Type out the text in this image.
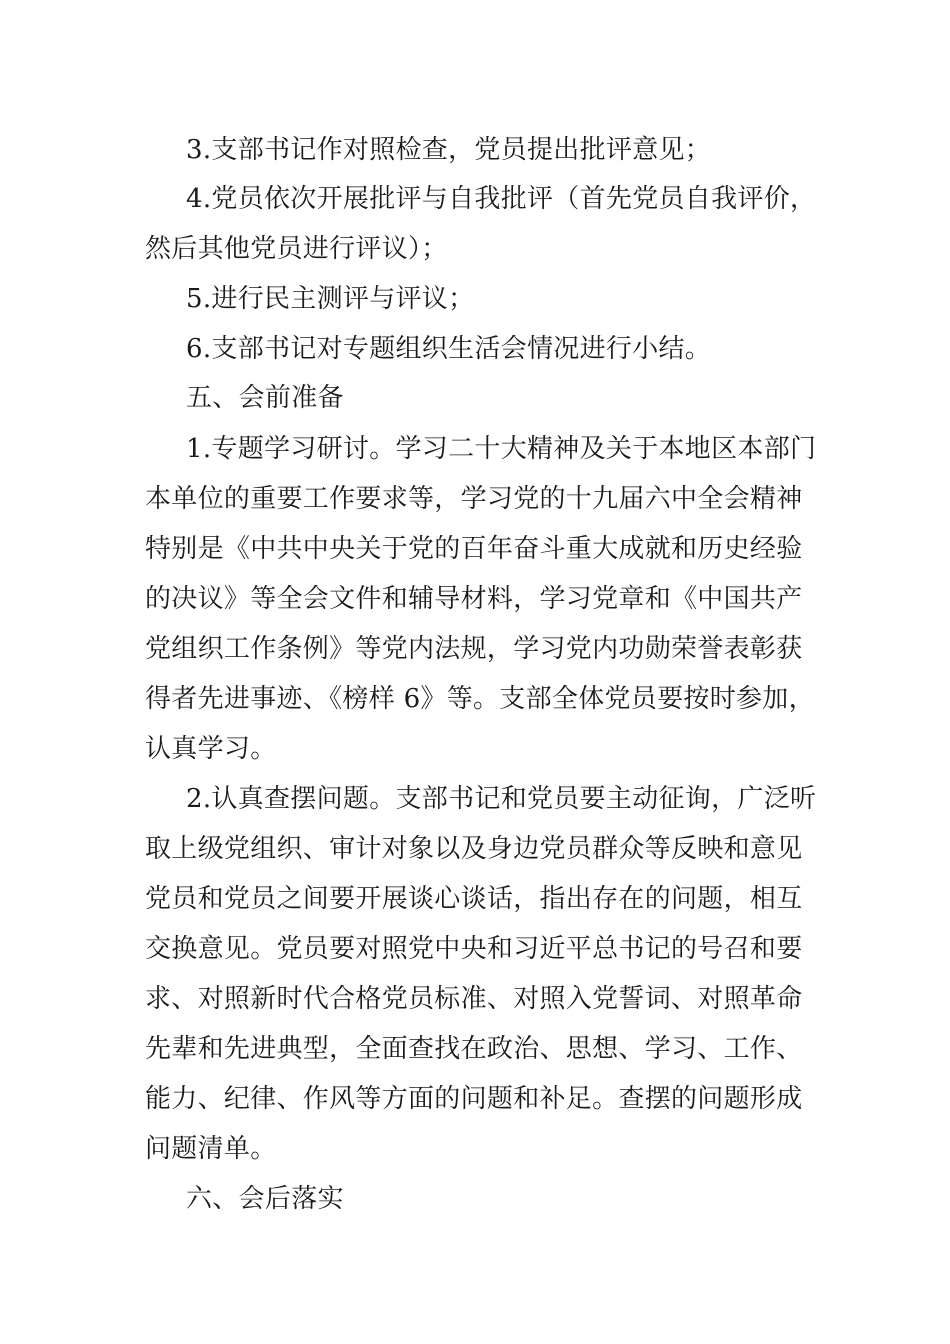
3.支部书记作对照检查，党员提出批评意见；
4.党员依次开展批评与自我批评（首先党员自我评价，
然后其他党员进行评议）；
5.进行民主测评与评议；
6.支部书记对专题组织生活会情况进行小结。
五、会前准备
1.专题学习研讨。学习二十大精神及关于本地区本部门
本单位的重要工作要求等，学习党的十九届六中全会精神
特别是《中共中央关于党的百年奋斗重大成就和历史经验
的决议》等全会文件和辅导材料，学习党章和《中国共产
党组织工作条例》等党内法规，学习党内功勋荣誉表彰获
得者先进事迹、《榜样 6》等。支部全体党员要按时参加，
认真学习。
2.认真查摆问题。支部书记和党员要主动征询，广泛听
取上级党组织、审计对象以及身边党员群众等反映和意见
党员和党员之间要开展谈心谈话，指出存在的问题，相互
交换意见。党员要对照党中央和习近平总书记的号召和要
求、对照新时代合格党员标准、对照入党誓词、对照革命
先辈和先进典型，全面查找在政治、思想、学习、工作、
能力、纪律、作风等方面的问题和补足。查摆的问题形成
问题清单。
六、会后落实
